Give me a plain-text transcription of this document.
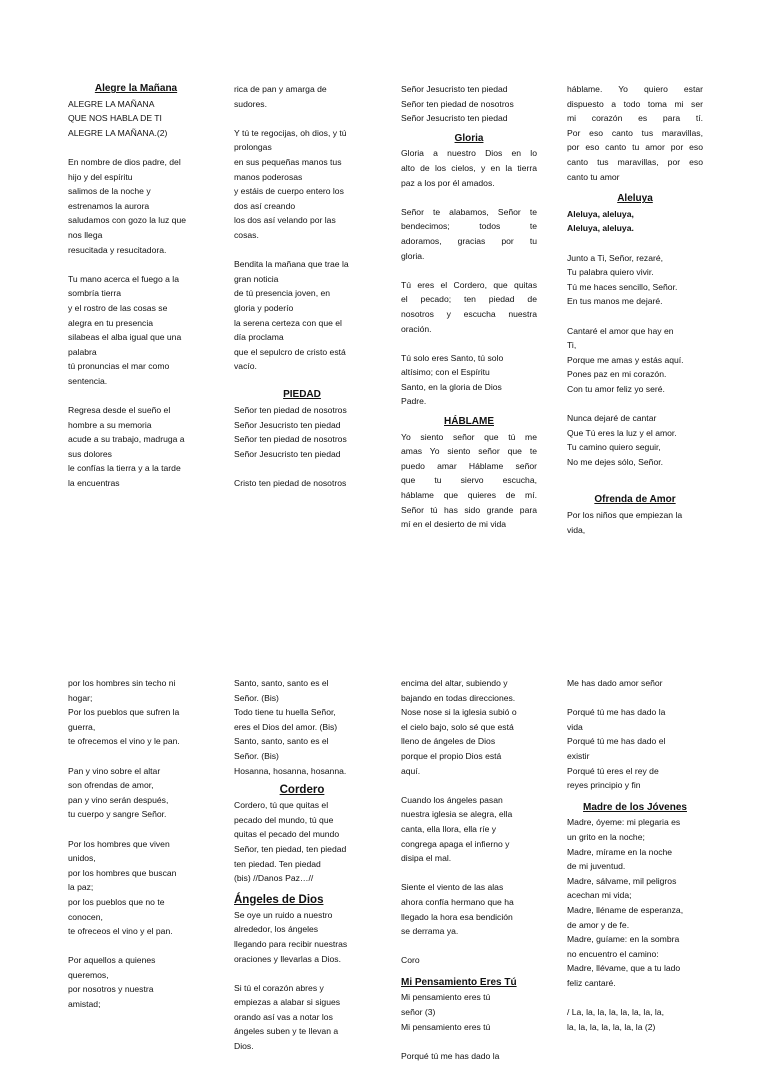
Alegre la Mañana

ALEGRE LA MAÑANA
QUE NOS HABLA DE TI
ALEGRE LA MAÑANA.(2)

En nombre de dios padre, del
hijo y del espíritu
salimos de la noche y
estrenamos la aurora
saludamos con gozo la luz que
nos llega
resucitada y resucitadora.

Tu mano acerca el fuego a la
sombría tierra
y el rostro de las cosas se
alegra en tu presencia
silabeas el alba igual que una
palabra
tú pronuncias el mar como
sentencia.

Regresa desde el sueño el
hombre a su memoria
acude a su trabajo, madruga a
sus dolores
le confías la tierra y a la tarde
la encuentras

rica de pan y amarga de
sudores.

Y tú te regocijas, oh dios, y tú
prolongas
en sus pequeñas manos tus
manos poderosas
y estáis de cuerpo entero los
dos así creando
los dos así velando por las
cosas.

Bendita la mañana que trae la
gran noticia
de tú presencia joven, en
gloria y poderío
la serena certeza con que el
día proclama
que el sepulcro de cristo está
vacío.

PIEDAD

Señor ten piedad de nosotros
Señor Jesucristo ten piedad
Señor ten piedad de nosotros
Señor Jesucristo ten piedad

Cristo ten piedad de nosotros

Señor Jesucristo ten piedad
Señor ten piedad de nosotros
Señor Jesucristo ten piedad

Gloria

Gloria a nuestro Dios en lo
alto de los cielos, y en la tierra
paz a los por él amados.

Señor te alabamos, Señor te
bendecimos; todos te
adoramos, gracias por tu
gloria.

Tú eres el Cordero, que quitas
el pecado; ten piedad de
nosotros y escucha nuestra
oración.

Tú solo eres Santo, tú solo
altísimo; con el Espíritu
Santo, en la gloria de Dios
Padre.

HÁBLAME

Yo siento señor que tú me
amas Yo siento señor que te
puedo amar Háblame señor
que tu siervo escucha,
háblame que quieres de mí.
Señor tú has sido grande para
mí en el desierto de mi vida

háblame. Yo quiero estar
dispuesto a todo toma mi ser
mi corazón es para tí.
Por eso canto tus maravillas,
por eso canto tu amor por eso
canto tus maravillas, por eso
canto tu amor

Aleluya

Aleluya, aleluya,
Aleluya, aleluya.

Junto a Ti, Señor, rezaré,
Tu palabra quiero vivir.
Tú me haces sencillo, Señor.
En tus manos me dejaré.

Cantaré el amor que hay en
Ti,
Porque me amas y estás aquí.
Pones paz en mi corazón.
Con tu amor feliz yo seré.

Nunca dejaré de cantar
Que Tú eres la luz y el amor.
Tu camino quiero seguir,
No me dejes sólo, Señor.

Ofrenda de Amor

Por los niños que empiezan la
vida,

por los hombres sin techo ni
hogar;
Por los pueblos que sufren la
guerra,
te ofrecemos el vino y le pan.

Pan y vino sobre el altar
son ofrendas de amor,
pan y vino serán después,
tu cuerpo y sangre Señor.

Por los hombres que viven
unidos,
por los hombres que buscan
la paz;
por los pueblos que no te
conocen,
te ofreceos el vino y el pan.

Por aquellos a quienes
queremos,
por nosotros y nuestra
amistad;

Santo, santo, santo es el
Señor. (Bis)
Todo tiene tu huella Señor,
eres el Dios del amor. (Bis)
Santo, santo, santo es el
Señor. (Bis)
Hosanna, hosanna, hosanna.

Cordero

Cordero, tú que quitas el
pecado del mundo, tú que
quitas el pecado del mundo
Señor, ten piedad, ten piedad
ten piedad. Ten piedad
(bis) //Danos Paz…//

Ángeles de Dios

Se oye un ruido a nuestro
alrededor, los ángeles
llegando para recibir nuestras
oraciones y llevarlas a Dios.

Si tú el corazón abres y
empiezas a alabar si sigues
orando así vas a notar los
ángeles suben y te llevan a
Dios.

encima del altar, subiendo y
bajando en todas direcciones.
Nose nose si la iglesia subió o
el cielo bajo, solo sé que está
lleno de ángeles de Dios
porque el propio Dios está
aquí.

Cuando los ángeles pasan
nuestra iglesia se alegra, ella
canta, ella llora, ella ríe y
congrega apaga el infierno y
disipa el mal.

Siente el viento de las alas
ahora confía hermano que ha
llegado la hora esa bendición
se derrama ya.

Coro

Mi Pensamiento Eres Tú

Mi pensamiento eres tú
señor (3)
Mi pensamiento eres tú

Porqué tú me has dado la

Me has dado amor señor

Porqué tú me has dado la
vida
Porqué tú me has dado el
existir
Porqué tú eres el rey de
reyes principio y fin

Madre de los Jóvenes

Madre, óyeme: mi plegaria es
un grito en la noche;
Madre, mírame en la noche
de mi juventud.
Madre, sálvame, mil peligros
acechan mi vida;
Madre, lléname de esperanza,
de amor y de fe.
Madre, guíame: en la sombra
no encuentro el camino:
Madre, llévame, que a tu lado
feliz cantaré.

/ La, la, la, la, la, la, la, la,
la, la, la, la, la, la, la (2)
